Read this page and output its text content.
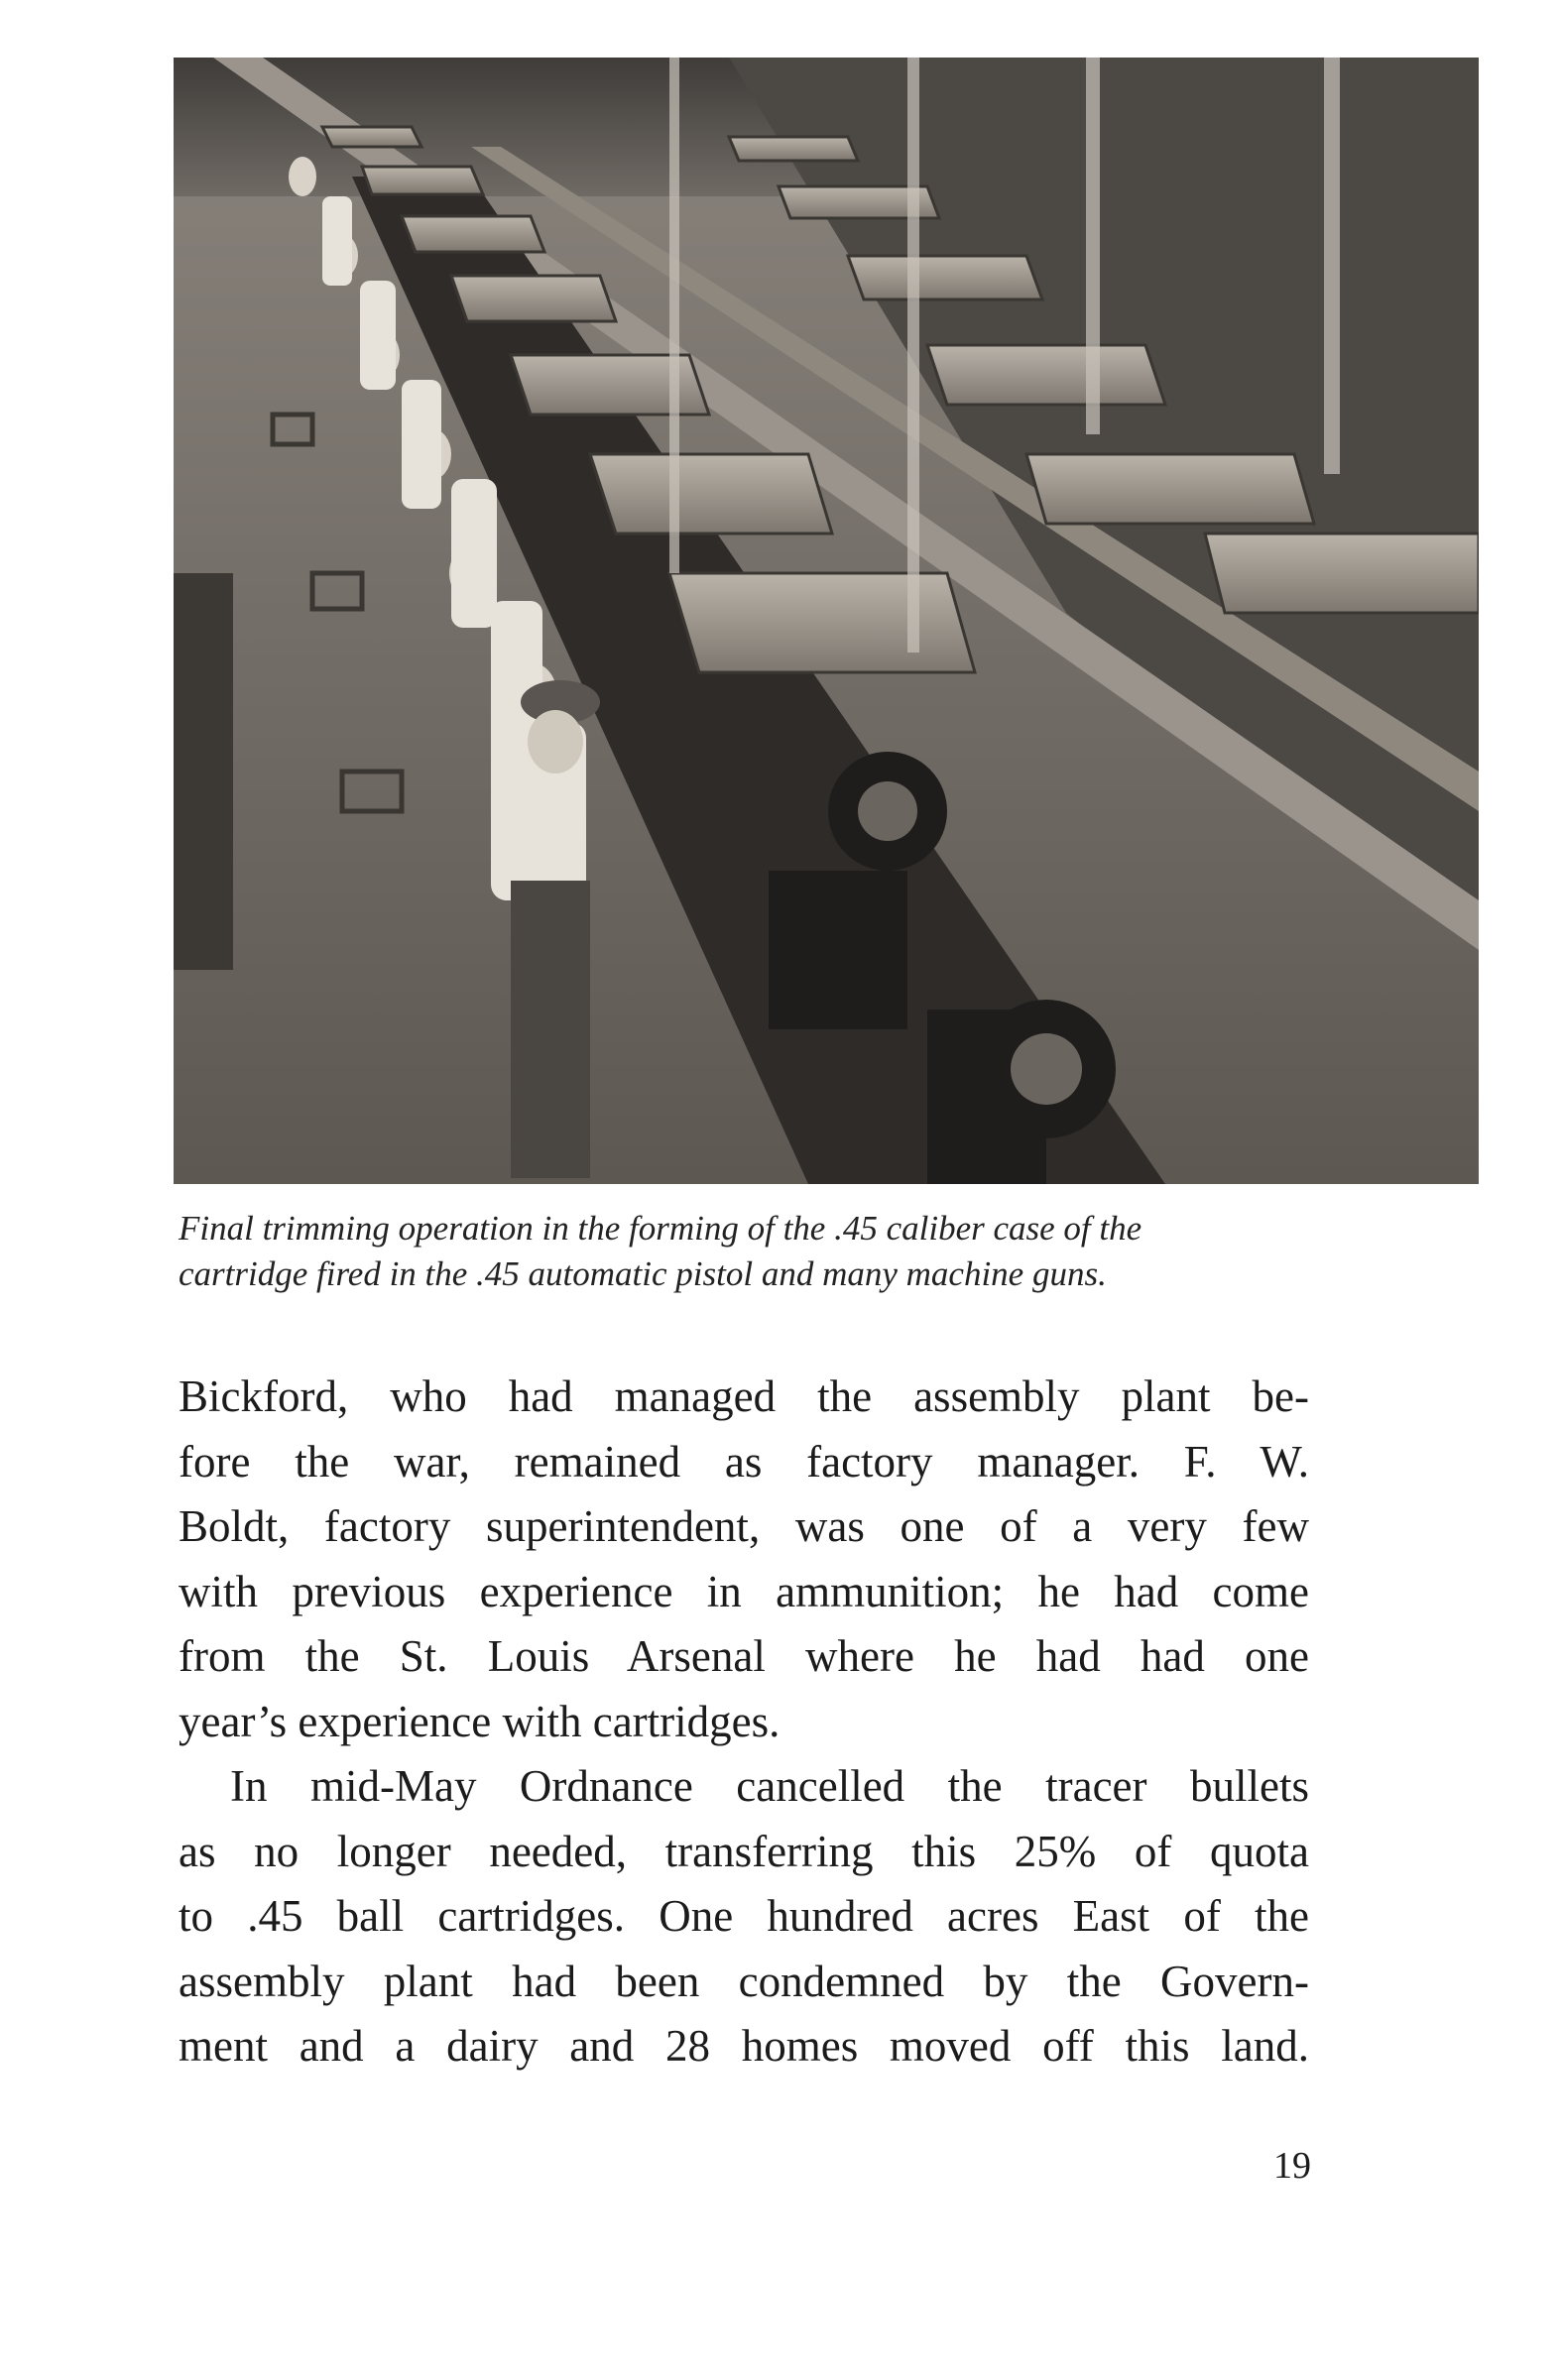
Final trimming operation in the forming of the .45 caliber case of the
cartridge fired in the .45 automatic pistol and many machine guns.

Bickford, who had managed the assembly plant be-
fore the war, remained as factory manager. F. W.
Boldt, factory superintendent, was one of a very few
with previous experience in ammunition; he had come
from the St. Louis Arsenal where he had had one
year’s experience with cartridges.
In mid-May Ordnance cancelled the tracer bullets
as no longer needed, transferring this 25% of quota
to .45 ball cartridges. One hundred acres East of the
assembly plant had been condemned by the Govern-
ment and a dairy and 28 homes moved off this land.
19
